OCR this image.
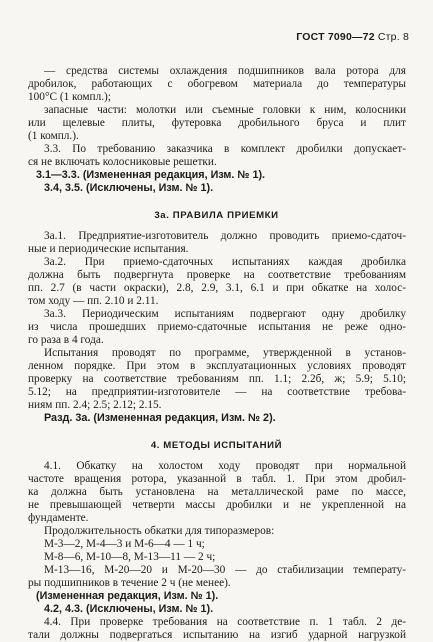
ГОСТ 7090—72 Стр. 8
— средства системы охлаждения подшипников вала ротора для
дробилок, работающих с обогревом материала до температуры
100°С (1 компл.);
запасные части: молотки или съемные головки к ним, колосники
или щелевые плиты, футеровка дробильного бруса и плит
(1 компл.).
3.3. По требованию заказчика в комплект дробилки допускает-
ся не включать колосниковые решетки.
3.1—3.3. (Измененная редакция, Изм. № 1).
3.4, 3.5. (Исключены, Изм. № 1).
3а. ПРАВИЛА ПРИЕМКИ
3а.1. Предприятие-изготовитель должно проводить приемо-сдаточ-
ные и периодические испытания.
3а.2. При приемо-сдаточных испытаниях каждая дробилка
должна быть подвергнута проверке на соответствие требованиям
пп. 2.7 (в части окраски), 2.8, 2.9, 3.1, 6.1 и при обкатке на холос-
том ходу — пп. 2.10 и 2.11.
3а.3. Периодическим испытаниям подвергают одну дробилку
из числа прошедших приемо-сдаточные испытания не реже одно-
го раза в 4 года.
Испытания проводят по программе, утвержденной в установ-
ленном порядке. При этом в эксплуатационных условиях проводят
проверку на соответствие требованиям пп. 1.1; 2.2б, ж; 5.9; 5.10;
5.12; на предприятии-изготовителе — на соответствие требова-
ниям пп. 2.4; 2.5; 2.12; 2.15.
Разд. 3а. (Измененная редакция, Изм. № 2).
4. МЕТОДЫ ИСПЫТАНИЙ
4.1. Обкатку на холостом ходу проводят при нормальной
частоте вращения ротора, указанной в табл. 1. При этом дробил-
ка должна быть установлена на металлической раме по массе,
не превышающей четверти массы дробилки и не укрепленной на
фундаменте.
Продолжительность обкатки для типоразмеров:
М-3—2, М-4—3 и М-6—4 — 1 ч;
М-8—6, М-10—8, М-13—11 — 2 ч;
М-13—16, М-20—20 и М-20—30 — до стабилизации температу-
ры подшипников в течение 2 ч (не менее).
(Измененная редакция, Изм. № 1).
4.2, 4.3. (Исключены, Изм. № 1).
4.4. При проверке требования на соответствие п. 1 табл. 2 де-
тали должны подвергаться испытанию на изгиб ударной нагрузкой
